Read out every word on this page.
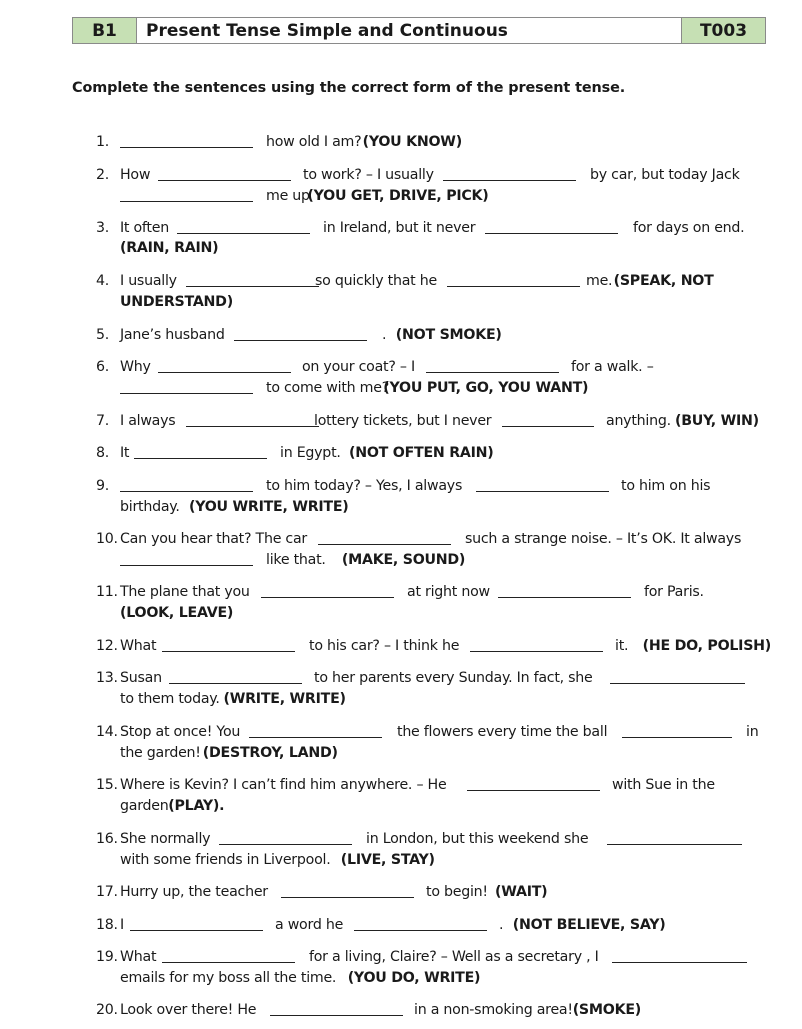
B1	Present Tense Simple and Continuous	T003
Complete the sentences using the correct form of the present tense.
1.	how old I am? (YOU KNOW)
2. How	to work? – I usually	by car, but today Jack
me up
(YOU GET, DRIVE, PICK)
3. It often	in Ireland, but it never	for days on end.
(RAIN, RAIN)
4. I usually	so quickly that he	me. (SPEAK, NOT
UNDERSTAND)
5. Jane’s husband	. (NOT SMOKE)
6. Why	on your coat? – I	for a walk. –
to come with me?
(YOU PUT, GO, YOU WANT)
7. I always	lottery tickets, but I never	anything. (BUY, WIN)
8. It	in Egypt. (NOT OFTEN RAIN)
9.	to him today? – Yes, I always	to him on his
birthday. (YOU WRITE, WRITE)
10. Can you hear that? The car	such a strange noise. – It’s OK. It always
like that. (MAKE, SOUND)
11. The plane that you	at right now	for Paris.
(LOOK, LEAVE)
12. What	to his car? – I think he	it. (HE DO, POLISH)
13. Susan	to her parents every Sunday. In fact, she
to them today. (WRITE, WRITE)
14. Stop at once! You	the flowers every time the ball	in
the garden! (DESTROY, LAND)
15. Where is Kevin? I can’t find him anywhere. – He	with Sue in the
garden (PLAY).
16. She normally	in London, but this weekend she
with some friends in Liverpool. (LIVE, STAY)
17. Hurry up, the teacher	to begin! (WAIT)
18. I	a word he	. (NOT BELIEVE, SAY)
19. What	for a living, Claire? – Well as a secretary , I
emails for my boss all the time. (YOU DO, WRITE)
20. Look over there! He	in a non-smoking area! (SMOKE)
